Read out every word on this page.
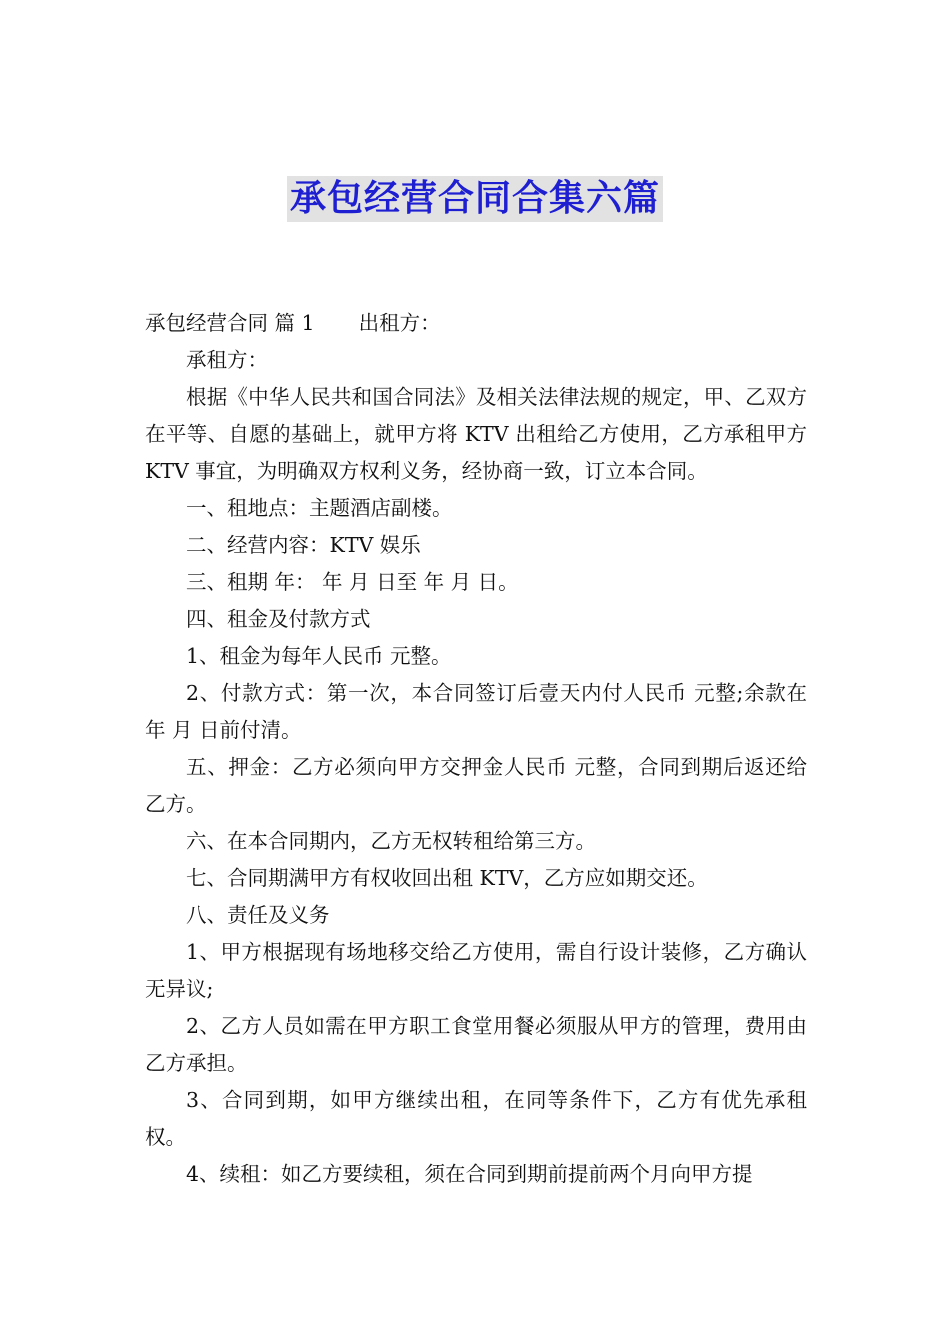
承包经营合同合集六篇

承包经营合同 篇 1 出租方：

承租方：

根据《中华人民共和国合同法》及相关法律法规的规定，甲、乙双方在平等、自愿的基础上，就甲方将 KTV 出租给乙方使用，乙方承租甲方 KTV 事宜，为明确双方权利义务，经协商一致，订立本合同。

一、租地点：主题酒店副楼。

二、经营内容：KTV 娱乐

三、租期 年： 年 月 日至 年 月 日。

四、租金及付款方式

1、租金为每年人民币 元整。

2、付款方式：第一次，本合同签订后壹天内付人民币 元整;余款在 年 月 日前付清。

五、押金：乙方必须向甲方交押金人民币 元整，合同到期后返还给乙方。

六、在本合同期内，乙方无权转租给第三方。

七、合同期满甲方有权收回出租 KTV，乙方应如期交还。

八、责任及义务

1、甲方根据现有场地移交给乙方使用，需自行设计装修，乙方确认无异议;

2、乙方人员如需在甲方职工食堂用餐必须服从甲方的管理，费用由乙方承担。

3、合同到期，如甲方继续出租，在同等条件下，乙方有优先承租权。

4、续租：如乙方要续租，须在合同到期前提前两个月向甲方提
